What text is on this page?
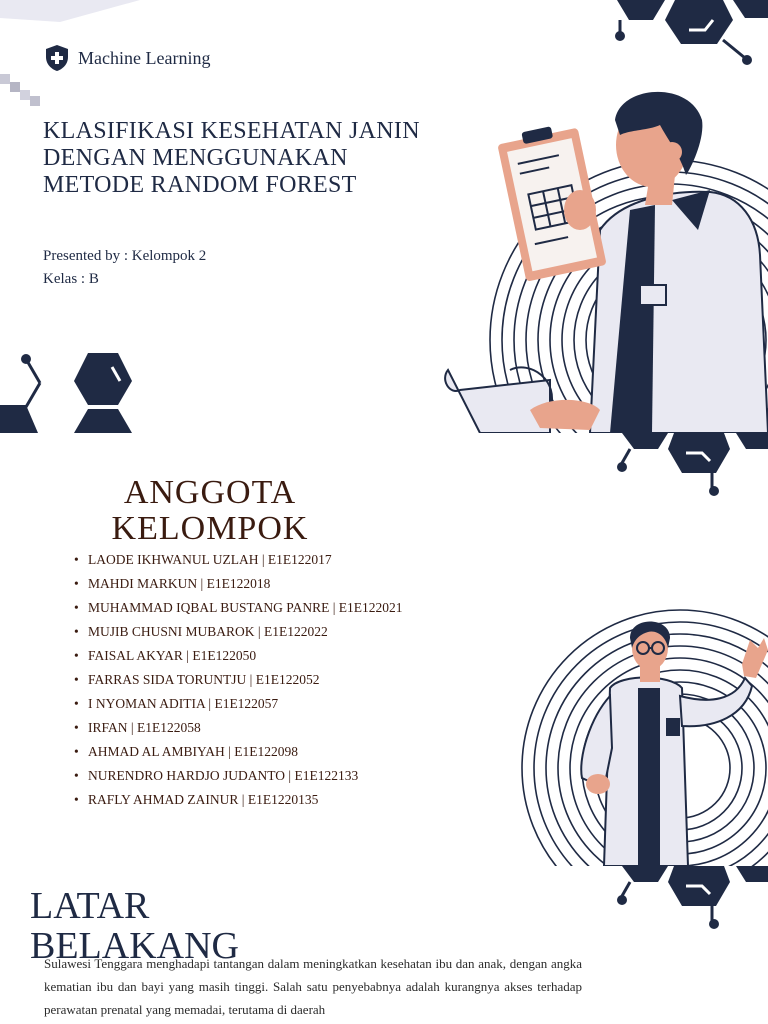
Machine Learning
KLASIFIKASI KESEHATAN JANIN
DENGAN MENGGUNAKAN
METODE RANDOM FOREST
Presented by : Kelompok 2
Kelas : B
ANGGOTA
KELOMPOK
• LAODE IKHWANUL UZLAH | E1E122017
• MAHDI MARKUN | E1E122018
• MUHAMMAD IQBAL BUSTANG PANRE | E1E122021
• MUJIB CHUSNI MUBAROK | E1E122022
• FAISAL AKYAR | E1E122050
• FARRAS SIDA TORUNTJU | E1E122052
• I NYOMAN ADITIA | E1E122057
• IRFAN | E1E122058
• AHMAD AL AMBIYAH | E1E122098
• NURENDRO HARDJO JUDANTO | E1E122133
• RAFLY AHMAD ZAINUR | E1E1220135
LATAR
BELAKANG
Sulawesi Tenggara menghadapi tantangan dalam meningkatkan kesehatan ibu dan anak, dengan angka kematian ibu dan bayi yang masih tinggi. Salah satu penyebabnya adalah kurangnya akses terhadap perawatan prenatal yang memadai, terutama di daerah
